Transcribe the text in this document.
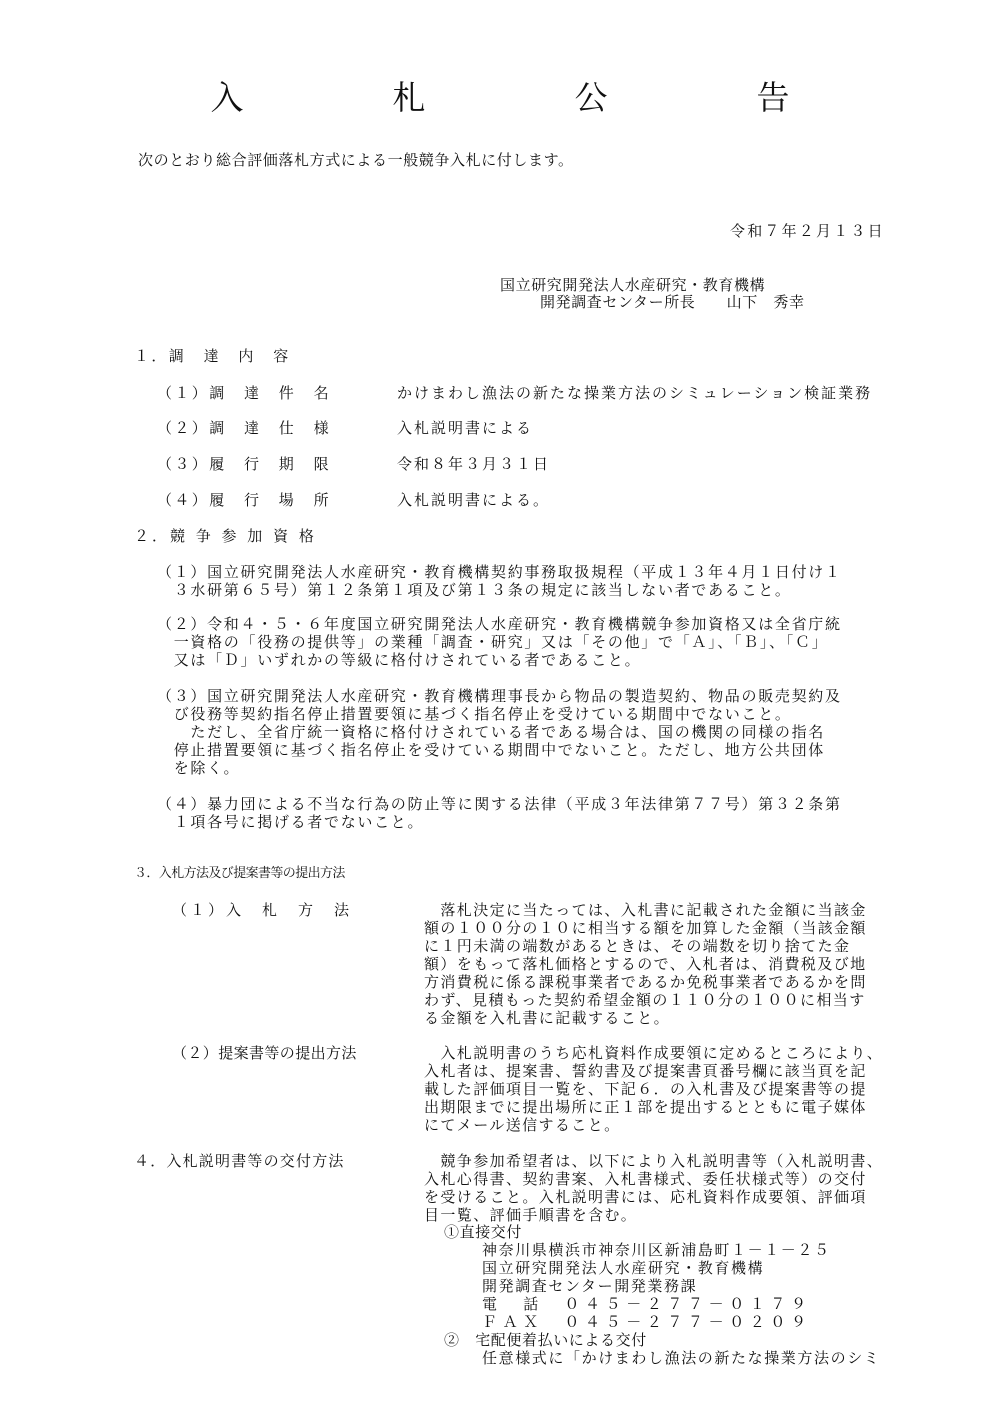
入　札　公　告
次のとおり総合評価落札方式による一般競争入札に付します。
令和７年２月１３日
国立研究開発法人水産研究・教育機構
開発調査センター所長　　山下　秀幸
１．調　達　内　容
（１）調　達　件　名	かけまわし漁法の新たな操業方法のシミュレーション検証業務
（２）調　達　仕　様	入札説明書による
（３）履　行　期　限	令和８年３月３１日
（４）履　行　場　所	入札説明書による。
２．競 争 参 加 資 格
（１）国立研究開発法人水産研究・教育機構契約事務取扱規程（平成１３年４月１日付け１
　３水研第６５号）第１２条第１項及び第１３条の規定に該当しない者であること。
（２）令和４・５・６年度国立研究開発法人水産研究・教育機構競争参加資格又は全省庁統
　一資格の「役務の提供等」の業種「調査・研究」又は「その他」で「Ａ」、「Ｂ」、「Ｃ」
　又は「Ｄ」いずれかの等級に格付けされている者であること。
（３）国立研究開発法人水産研究・教育機構理事長から物品の製造契約、物品の販売契約及
　び役務等契約指名停止措置要領に基づく指名停止を受けている期間中でないこと。
　　ただし、全省庁統一資格に格付けされている者である場合は、国の機関の同様の指名
　停止措置要領に基づく指名停止を受けている期間中でないこと。ただし、地方公共団体
　を除く。
（４）暴力団による不当な行為の防止等に関する法律（平成３年法律第７７号）第３２条第
　１項各号に掲げる者でないこと。
３．入札方法及び提案書等の提出方法
（１）入　札　方　法	　落札決定に当たっては、入札書に記載された金額に当該金
額の１００分の１０に相当する額を加算した金額（当該金額
に１円未満の端数があるときは、その端数を切り捨てた金
額）をもって落札価格とするので、入札者は、消費税及び地
方消費税に係る課税事業者であるか免税事業者であるかを問
わず、見積もった契約希望金額の１１０分の１００に相当す
る金額を入札書に記載すること。
（２）提案書等の提出方法	　入札説明書のうち応札資料作成要領に定めるところにより、
入札者は、提案書、誓約書及び提案書頁番号欄に該当頁を記
載した評価項目一覧を、下記６．の入札書及び提案書等の提
出期限までに提出場所に正１部を提出するとともに電子媒体
にてメール送信すること。
４．入札説明書等の交付方法	　競争参加希望者は、以下により入札説明書等（入札説明書、
入札心得書、契約書案、入札書様式、委任状様式等）の交付
を受けること。入札説明書には、応札資料作成要領、評価項
目一覧、評価手順書を含む。
①直接交付
神奈川県横浜市神奈川区新浦島町１－１－２５
国立研究開発法人水産研究・教育機構
開発調査センター開発業務課
電　話　０４５－２７７－０１７９
ＦＡＸ　０４５－２７７－０２０９
②　宅配便着払いによる交付
任意様式に「かけまわし漁法の新たな操業方法のシミ
